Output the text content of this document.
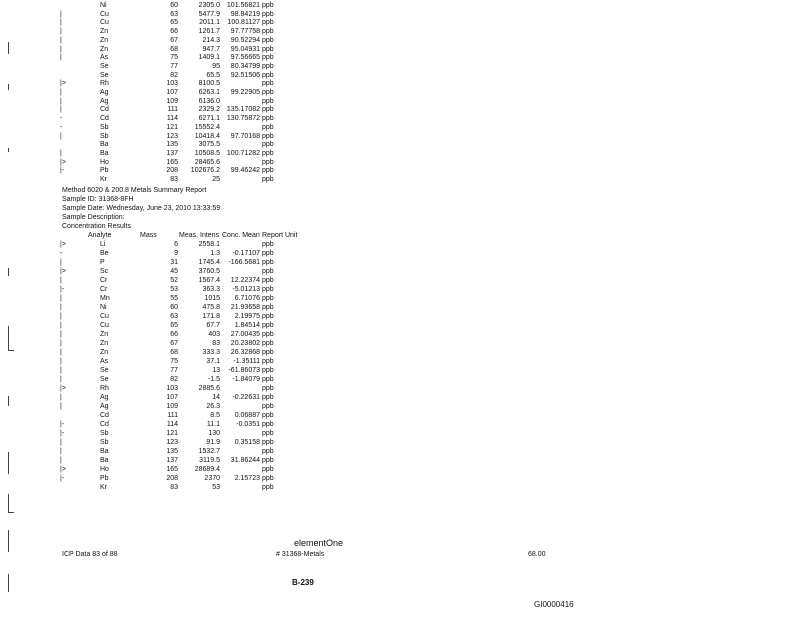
Ni	60	2305.0 101.56821 ppb
|	Cu	63	5477.9	98.84219 ppb
|	Cu	65	2011.1	100.81127 ppb
|	Zn	66	1261.7	97.77758 ppb
|	Zn	67	214.3	90.52294 ppb
|	Zn	68	947.7	95.04931 ppb
|	As	75	1409.1	97.56665 ppb
Se	77	95	80.34799 ppb
Se	82	65.5	92.51506 ppb
|>	Rh	103	8100.5	ppb
|	Ag	107	6263.1	99.22905 ppb
|	Ag	109	6136.0	ppb
|	Cd	111	2329.2 135.17082 ppb
-	Cd	114	6271.1 130.75872 ppb
-	Sb	121	15552.4	ppb
|	Sb	123	10418.4	97.70168 ppb
Ba	135	3075.5	ppb
|	Ba	137	10508.5 100.71282 ppb
|>	Ho	165	28465.6	ppb
|-	Pb	208	102676.2	99.46242 ppb
Kr	83	25	ppb
Method 6020 & 200.8 Metals Summary Report
Sample ID: 31368-8FH
Sample Date: Wednesday, June 23, 2010 13:33:59
Sample Description:
Concentration Results
Analyte	Mass	Meas. Intens Conc. Mean Report Unit
|>	Li	6	2558.1	ppb
-	Be	9	1.3	-0.17107 ppb
|	P	31	1745.4	-166.5681 ppb
|>	Sc	45	3760.5	ppb
|	Cr	52	1567.4	12.22374 ppb
|-	Cr	53	363.3	-5.01213 ppb
|	Mn	55	1015	6.71076 ppb
|	Ni	60	475.8	21.93658 ppb
|	Cu	63	171.8	2.19975 ppb
|	Cu	65	67.7	1.84514 ppb
|	Zn	66	403	27.00435 ppb
|	Zn	67	83	20.23802 ppb
|	Zn	68	333.3	26.32868 ppb
|	As	75	37.1	-1.35111 ppb
|	Se	77	13	-61.86073 ppb
|	Se	82	-1.5	-1.84079 ppb
|>	Rh	103	2885.6	ppb
|	Ag	107	14	-0.22631 ppb
|	Ag	109	26.3	ppb
Cd	111	8.5	0.06887 ppb
|-	Cd	114	11.1	-0.0351 ppb
|-	Sb	121	130	ppb
|	Sb	123	91.9	0.35158 ppb
|	Ba	135	1532.7	ppb
|	Ba	137	3119.5	31.86244 ppb
|>	Ho	165	28689.4	ppb
|-	Pb	208	2370	2.15723 ppb
Kr	83	53	ppb
elementOne
ICP Data 83 of 88	# 31368-Metals	68.00
B-239
GI0000416
